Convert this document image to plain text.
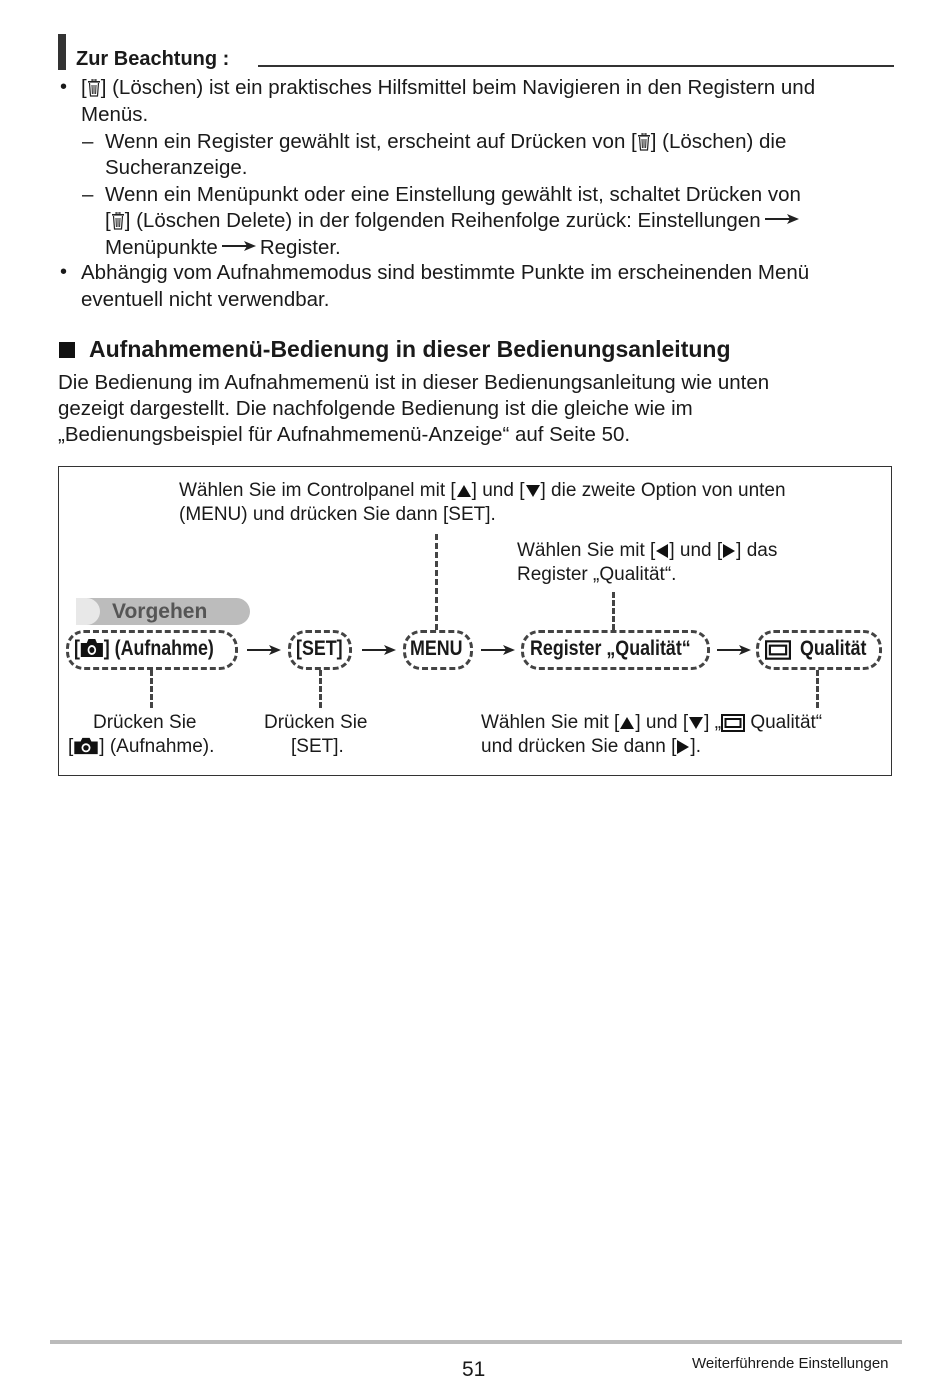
Zur Beachtung :
• [ ] (Löschen) ist ein praktisches Hilfsmittel beim Navigieren in den Registern und
Menüs.
– Wenn ein Register gewählt ist, erscheint auf Drücken von [ ] (Löschen) die
Sucheranzeige.
– Wenn ein Menüpunkt oder eine Einstellung gewählt ist, schaltet Drücken von
[ ] (Löschen Delete) in der folgenden Reihenfolge zurück: Einstellungen
Menüpunkte Register.
• Abhängig vom Aufnahmemodus sind bestimmte Punkte im erscheinenden Menü
eventuell nicht verwendbar.
Aufnahmemenü-Bedienung in dieser Bedienungsanleitung
Die Bedienung im Aufnahmemenü ist in dieser Bedienungsanleitung wie unten
gezeigt dargestellt. Die nachfolgende Bedienung ist die gleiche wie im
„Bedienungsbeispiel für Aufnahmemenü-Anzeige“ auf Seite 50.
Wählen Sie im Controlpanel mit [ ] und [ ] die zweite Option von unten
(MENU) und drücken Sie dann [SET].
Wählen Sie mit [ ] und [ ] das
Register „Qualität“.
Vorgehen
[ ] (Aufnahme)	[SET]	MENU	Register „Qualität“	Qualität
Drücken Sie
[ ] (Aufnahme).
Drücken Sie
[SET].
Wählen Sie mit [ ] und [ ] „ Qualität“
und drücken Sie dann [ ].
51	Weiterführende Einstellungen
